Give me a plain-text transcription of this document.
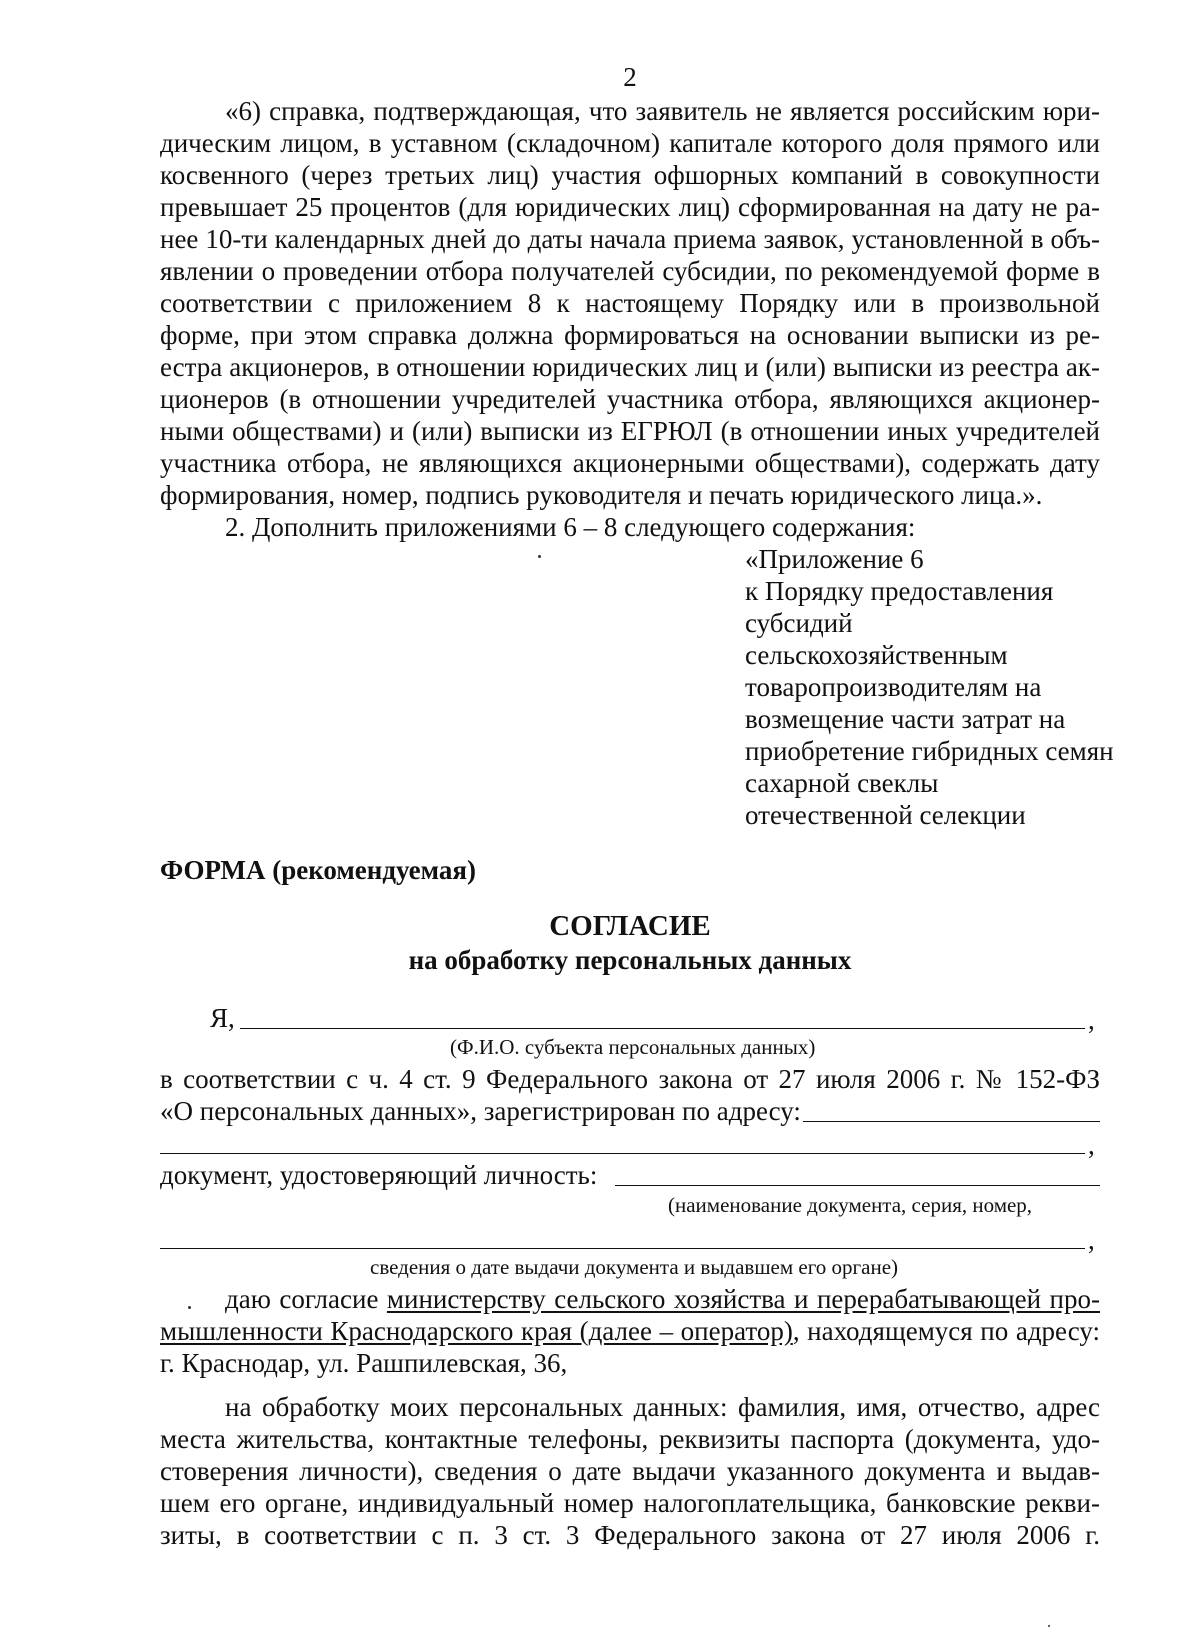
2
«6) справка, подтверждающая, что заявитель не является российским юри-
дическим лицом, в уставном (складочном) капитале которого доля прямого или
косвенного (через третьих лиц) участия офшорных компаний в совокупности
превышает 25 процентов (для юридических лиц) сформированная на дату не ра-
нее 10-ти календарных дней до даты начала приема заявок, установленной в объ-
явлении о проведении отбора получателей субсидии, по рекомендуемой форме в
соответствии с приложением 8 к настоящему Порядку или в произвольной
форме, при этом справка должна формироваться на основании выписки из ре-
естра акционеров, в отношении юридических лиц и (или) выписки из реестра ак-
ционеров (в отношении учредителей участника отбора, являющихся акционер-
ными обществами) и (или) выписки из ЕГРЮЛ (в отношении иных учредителей
участника отбора, не являющихся акционерными обществами), содержать дату
формирования, номер, подпись руководителя и печать юридического лица.».
2. Дополнить приложениями 6 – 8 следующего содержания:
«Приложение 6
к Порядку предоставления
субсидий
сельскохозяйственным
товаропроизводителям на
возмещение части затрат на
приобретение гибридных семян
сахарной свеклы
отечественной селекции
ФОРМА (рекомендуемая)
СОГЛАСИЕ
на обработку персональных данных
Я,	,
(Ф.И.О. субъекта персональных данных)
в соответствии с ч. 4 ст. 9 Федерального закона от 27 июля 2006 г. № 152-ФЗ
«О персональных данных», зарегистрирован по адресу:
,
документ, удостоверяющий личность:
(наименование документа, серия, номер,
,
сведения о дате выдачи документа и выдавшем его органе)
даю согласие министерству сельского хозяйства и перерабатывающей про-
мышленности Краснодарского края (далее – оператор), находящемуся по адресу:
г. Краснодар, ул. Рашпилевская, 36,
на обработку моих персональных данных: фамилия, имя, отчество, адрес
места жительства, контактные телефоны, реквизиты паспорта (документа, удо-
стоверения личности), сведения о дате выдачи указанного документа и выдав-
шем его органе, индивидуальный номер налогоплательщика, банковские рекви-
зиты, в соответствии с п. 3 ст. 3 Федерального закона от 27 июля 2006 г.
